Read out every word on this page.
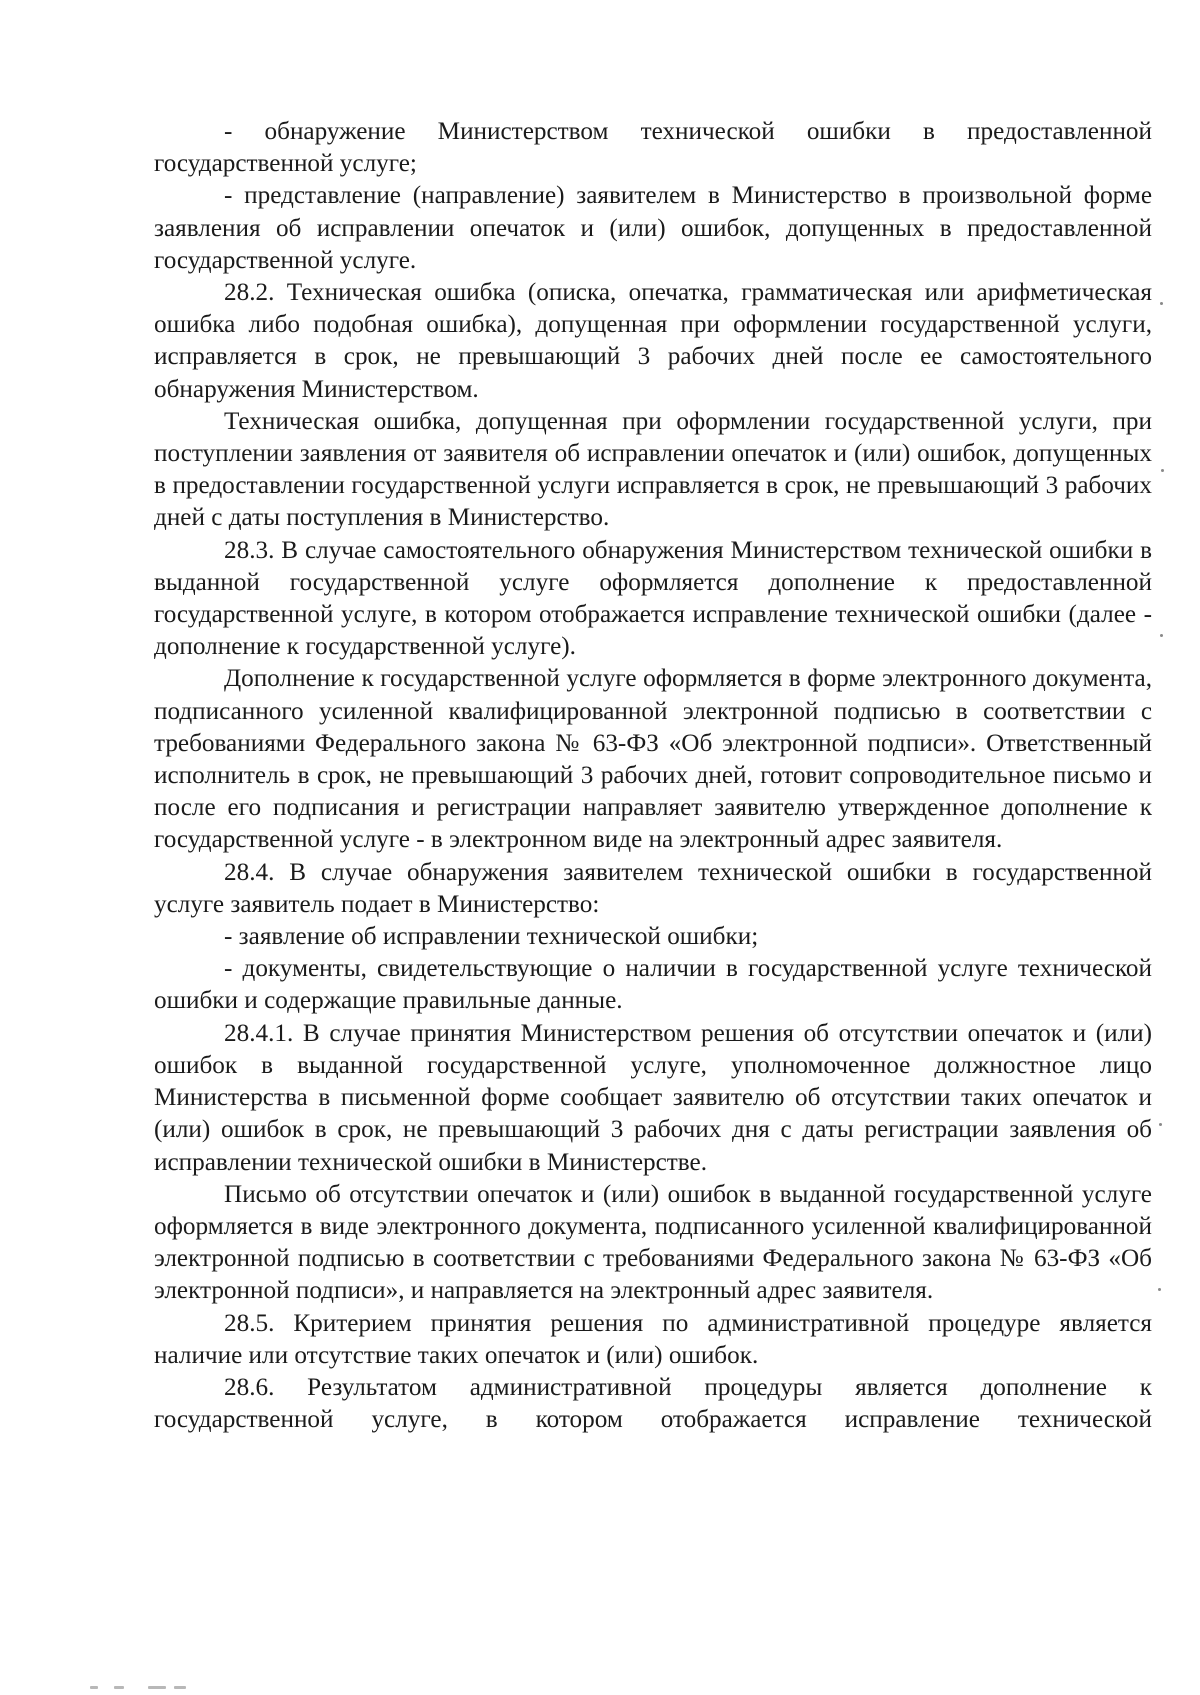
- обнаружение Министерством технической ошибки в предоставленной государственной услуге;

- представление (направление) заявителем в Министерство в произвольной форме заявления об исправлении опечаток и (или) ошибок, допущенных в предоставленной государственной услуге.

28.2. Техническая ошибка (описка, опечатка, грамматическая или арифметическая ошибка либо подобная ошибка), допущенная при оформлении государственной услуги, исправляется в срок, не превышающий 3 рабочих дней после ее самостоятельного обнаружения Министерством.

Техническая ошибка, допущенная при оформлении государственной услуги, при поступлении заявления от заявителя об исправлении опечаток и (или) ошибок, допущенных в предоставлении государственной услуги исправляется в срок, не превышающий 3 рабочих дней с даты поступления в Министерство.

28.3. В случае самостоятельного обнаружения Министерством технической ошибки в выданной государственной услуге оформляется дополнение к предоставленной государственной услуге, в котором отображается исправление технической ошибки (далее - дополнение к государственной услуге).

Дополнение к государственной услуге оформляется в форме электронного документа, подписанного усиленной квалифицированной электронной подписью в соответствии с требованиями Федерального закона № 63-ФЗ «Об электронной подписи». Ответственный исполнитель в срок, не превышающий 3 рабочих дней, готовит сопроводительное письмо и после его подписания и регистрации направляет заявителю утвержденное дополнение к государственной услуге - в электронном виде на электронный адрес заявителя.

28.4. В случае обнаружения заявителем технической ошибки в государственной услуге заявитель подает в Министерство:

- заявление об исправлении технической ошибки;

- документы, свидетельствующие о наличии в государственной услуге технической ошибки и содержащие правильные данные.

28.4.1. В случае принятия Министерством решения об отсутствии опечаток и (или) ошибок в выданной государственной услуге, уполномоченное должностное лицо Министерства в письменной форме сообщает заявителю об отсутствии таких опечаток и (или) ошибок в срок, не превышающий 3 рабочих дня с даты регистрации заявления об исправлении технической ошибки в Министерстве.

Письмо об отсутствии опечаток и (или) ошибок в выданной государственной услуге оформляется в виде электронного документа, подписанного усиленной квалифицированной электронной подписью в соответствии с требованиями Федерального закона № 63-ФЗ «Об электронной подписи», и направляется на электронный адрес заявителя.

28.5. Критерием принятия решения по административной процедуре является наличие или отсутствие таких опечаток и (или) ошибок.

28.6. Результатом административной процедуры является дополнение к государственной услуге, в котором отображается исправление технической
